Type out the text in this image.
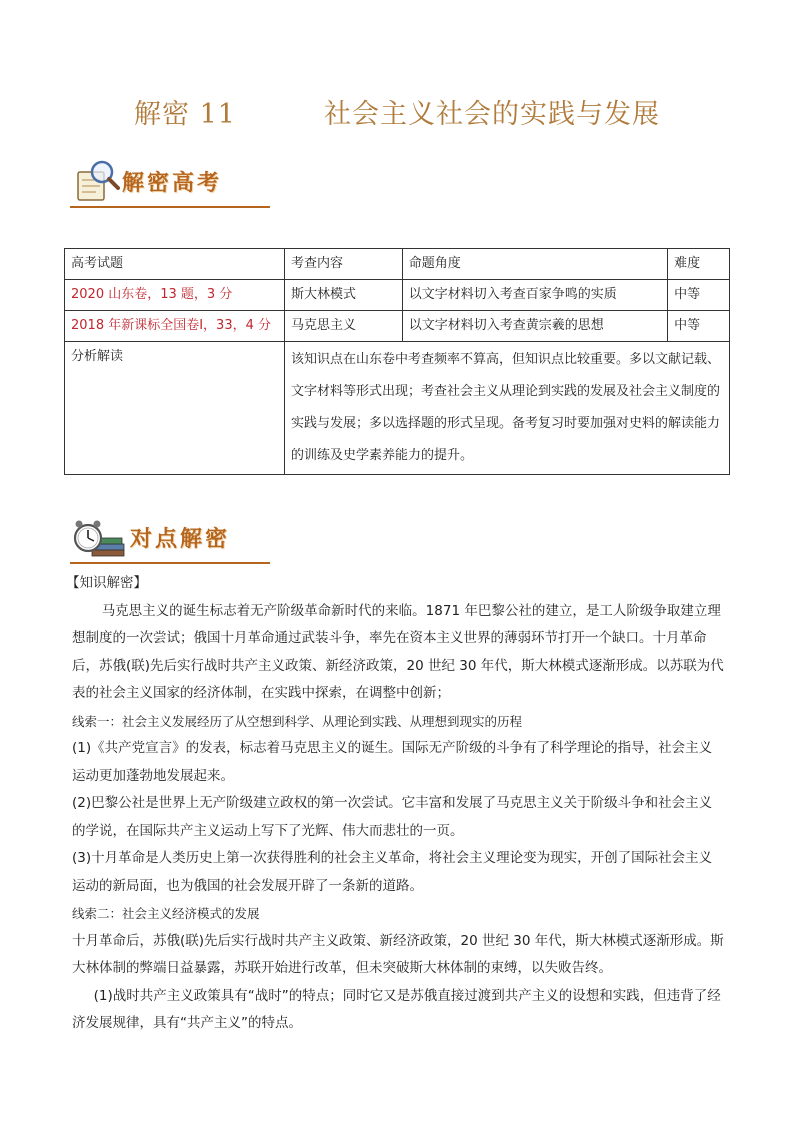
解密 11	社会主义社会的实践与发展
解密高考
高考试题	考查内容	命题角度	难度
2020 山东卷，13 题，3 分	斯大林模式	以文字材料切入考查百家争鸣的实质	中等
2018 年新课标全国卷Ⅰ，33，4 分	马克思主义	以文字材料切入考查黄宗羲的思想	中等
分析解读	该知识点在山东卷中考查频率不算高，但知识点比较重要。多以文献记载、文字材料等形式出现；考查社会主义从理论到实践的发展及社会主义制度的实践与发展；多以选择题的形式呈现。备考复习时要加强对史料的解读能力的训练及史学素养能力的提升。		
对点解密

【知识解密】

马克思主义的诞生标志着无产阶级革命新时代的来临。1871 年巴黎公社的建立，是工人阶级争取建立理想制度的一次尝试；俄国十月革命通过武装斗争，率先在资本主义世界的薄弱环节打开一个缺口。十月革命后，苏俄(联)先后实行战时共产主义政策、新经济政策，20 世纪 30 年代，斯大林模式逐渐形成。以苏联为代表的社会主义国家的经济体制，在实践中探索，在调整中创新；

线索一：社会主义发展经历了从空想到科学、从理论到实践、从理想到现实的历程

(1)《共产党宣言》的发表，标志着马克思主义的诞生。国际无产阶级的斗争有了科学理论的指导，社会主义运动更加蓬勃地发展起来。

(2)巴黎公社是世界上无产阶级建立政权的第一次尝试。它丰富和发展了马克思主义关于阶级斗争和社会主义的学说，在国际共产主义运动上写下了光辉、伟大而悲壮的一页。

(3)十月革命是人类历史上第一次获得胜利的社会主义革命，将社会主义理论变为现实，开创了国际社会主义运动的新局面，也为俄国的社会发展开辟了一条新的道路。

线索二：社会主义经济模式的发展

十月革命后，苏俄(联)先后实行战时共产主义政策、新经济政策，20 世纪 30 年代，斯大林模式逐渐形成。斯大林体制的弊端日益暴露，苏联开始进行改革，但未突破斯大林体制的束缚，以失败告终。

(1)战时共产主义政策具有“战时”的特点；同时它又是苏俄直接过渡到共产主义的设想和实践，但违背了经济发展规律，具有“共产主义”的特点。
